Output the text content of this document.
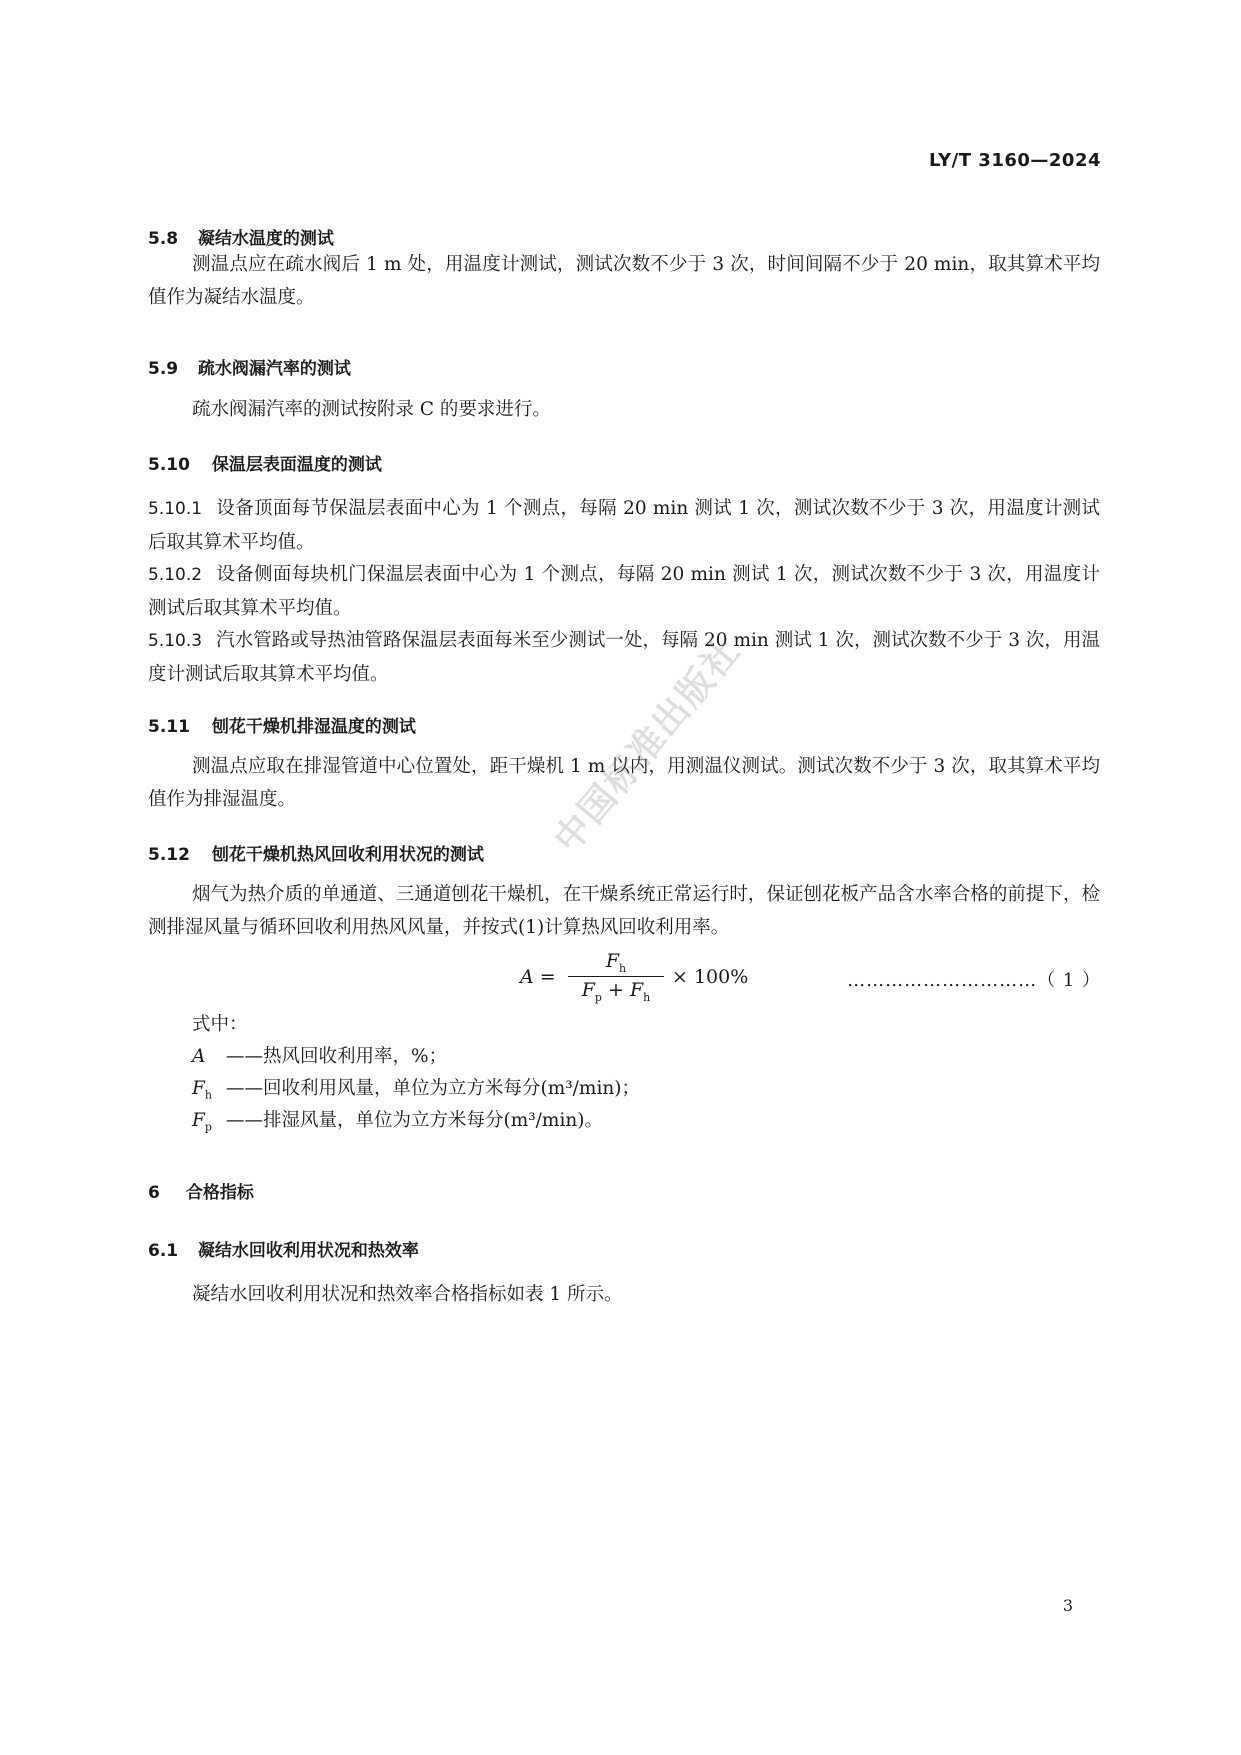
LY/T 3160—2024
5.8 凝结水温度的测试

测温点应在疏水阀后 1 m 处，用温度计测试，测试次数不少于 3 次，时间间隔不少于 20 min，取其算术平均值作为凝结水温度。

5.9 疏水阀漏汽率的测试

疏水阀漏汽率的测试按附录 C 的要求进行。

5.10 保温层表面温度的测试

5.10.1 设备顶面每节保温层表面中心为 1 个测点，每隔 20 min 测试 1 次，测试次数不少于 3 次，用温度计测试后取其算术平均值。

5.10.2 设备侧面每块机门保温层表面中心为 1 个测点，每隔 20 min 测试 1 次，测试次数不少于 3 次，用温度计测试后取其算术平均值。

5.10.3 汽水管路或导热油管路保温层表面每米至少测试一处，每隔 20 min 测试 1 次，测试次数不少于 3 次，用温度计测试后取其算术平均值。

5.11 刨花干燥机排湿温度的测试

测温点应取在排湿管道中心位置处，距干燥机 1 m 以内，用测温仪测试。测试次数不少于 3 次，取其算术平均值作为排湿温度。

5.12 刨花干燥机热风回收利用状况的测试

烟气为热介质的单通道、三通道刨花干燥机，在干燥系统正常运行时，保证刨花板产品含水率合格的前提下，检测排湿风量与循环回收利用热风风量，并按式(1)计算热风回收利用率。

A =
$F_h$
$F_p + F_h$
× 100%	…………………………（ 1 ）
式中：
A ——热风回收利用率，%；
$F_h$ ——回收利用风量，单位为立方米每分(m³/min)；
$F_p$ ——排湿风量，单位为立方米每分(m³/min)。
6 合格指标
6.1 凝结水回收利用状况和热效率

凝结水回收利用状况和热效率合格指标如表 1 所示。

中国标准出版社
3
